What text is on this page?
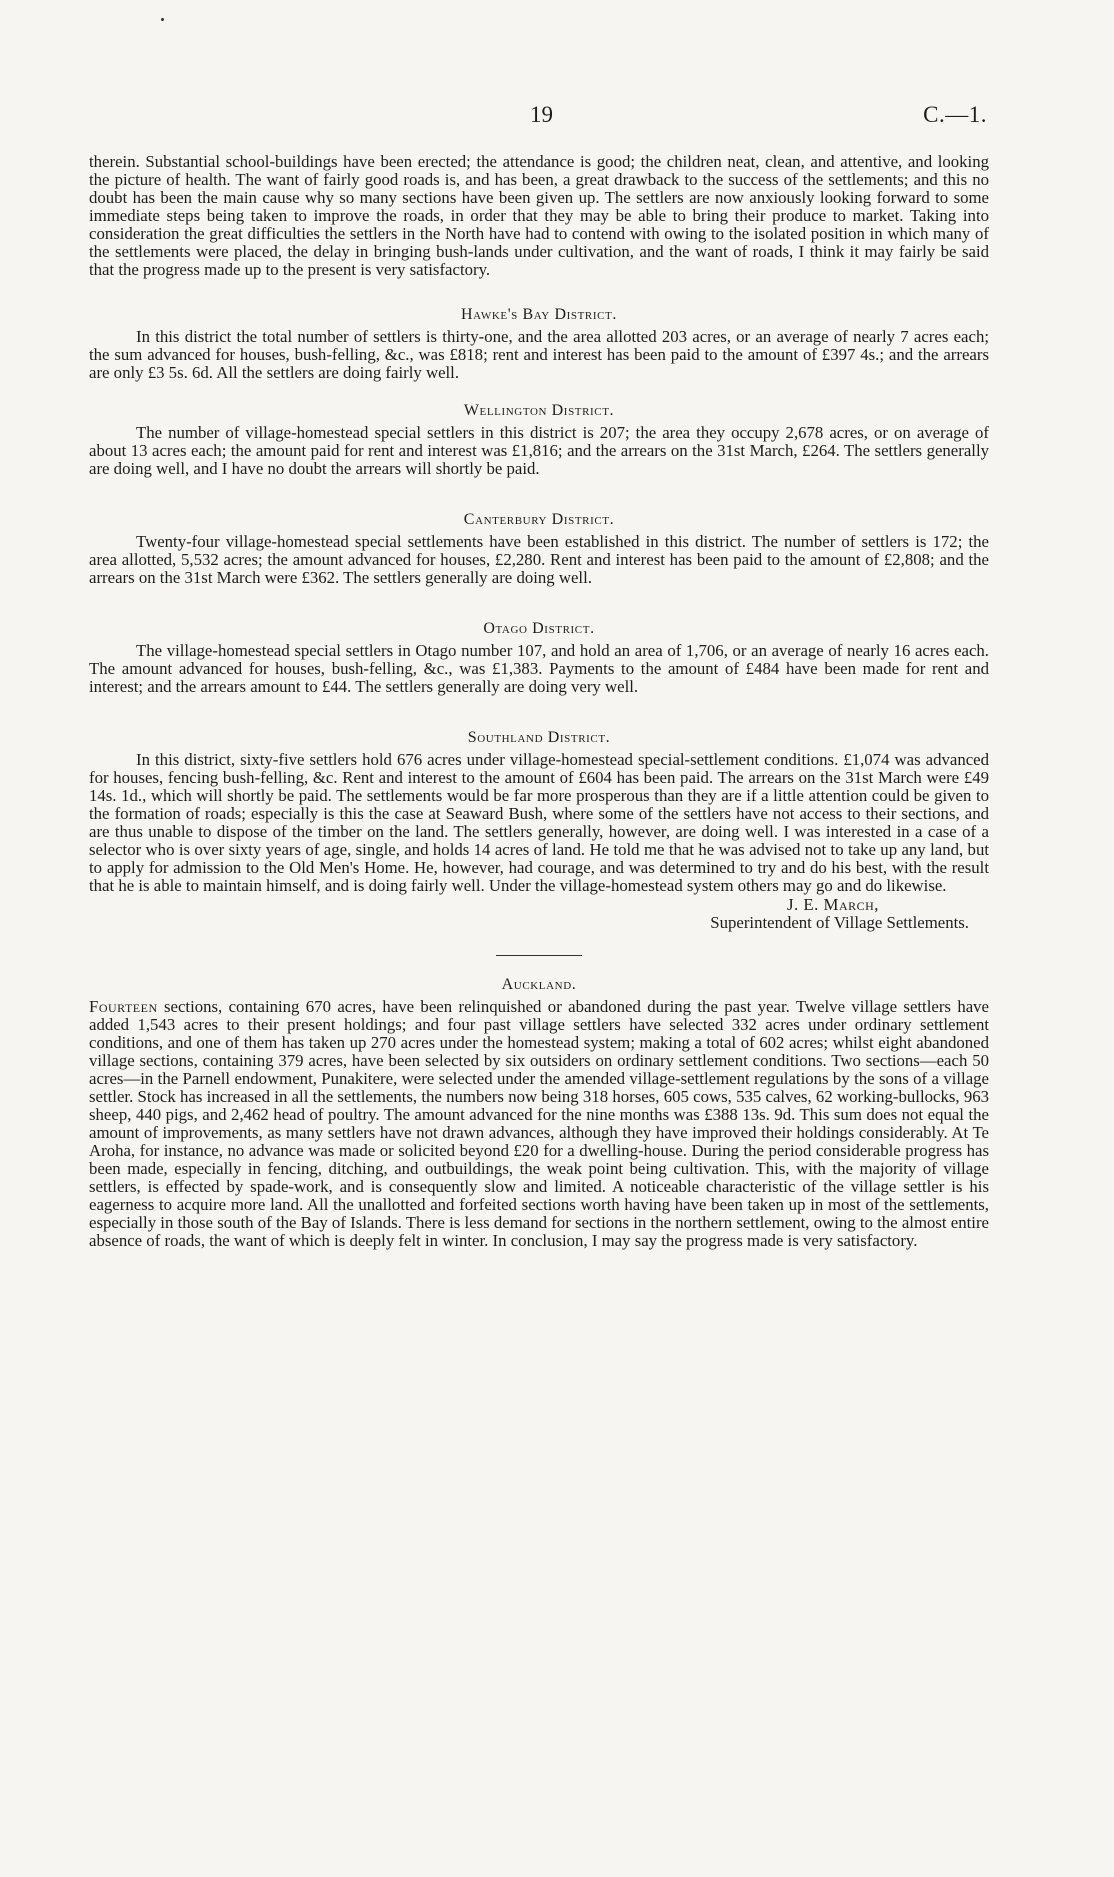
19	C.—1.

therein. Substantial school-buildings have been erected; the attendance is good; the children neat, clean, and attentive, and looking the picture of health. The want of fairly good roads is, and has been, a great drawback to the success of the settlements; and this no doubt has been the main cause why so many sections have been given up. The settlers are now anxiously looking forward to some immediate steps being taken to improve the roads, in order that they may be able to bring their produce to market. Taking into consideration the great difficulties the settlers in the North have had to contend with owing to the isolated position in which many of the settlements were placed, the delay in bringing bush-lands under cultivation, and the want of roads, I think it may fairly be said that the progress made up to the present is very satisfactory.

Hawke's Bay District.

In this district the total number of settlers is thirty-one, and the area allotted 203 acres, or an average of nearly 7 acres each; the sum advanced for houses, bush-felling, &c., was £818; rent and interest has been paid to the amount of £397 4s.; and the arrears are only £3 5s. 6d. All the settlers are doing fairly well.

Wellington District.

The number of village-homestead special settlers in this district is 207; the area they occupy 2,678 acres, or on average of about 13 acres each; the amount paid for rent and interest was £1,816; and the arrears on the 31st March, £264. The settlers generally are doing well, and I have no doubt the arrears will shortly be paid.

Canterbury District.

Twenty-four village-homestead special settlements have been established in this district. The number of settlers is 172; the area allotted, 5,532 acres; the amount advanced for houses, £2,280. Rent and interest has been paid to the amount of £2,808; and the arrears on the 31st March were £362. The settlers generally are doing well.

Otago District.

The village-homestead special settlers in Otago number 107, and hold an area of 1,706, or an average of nearly 16 acres each. The amount advanced for houses, bush-felling, &c., was £1,383. Payments to the amount of £484 have been made for rent and interest; and the arrears amount to £44. The settlers generally are doing very well.

Southland District.

In this district, sixty-five settlers hold 676 acres under village-homestead special-settlement conditions. £1,074 was advanced for houses, fencing bush-felling, &c. Rent and interest to the amount of £604 has been paid. The arrears on the 31st March were £49 14s. 1d., which will shortly be paid. The settlements would be far more prosperous than they are if a little attention could be given to the formation of roads; especially is this the case at Seaward Bush, where some of the settlers have not access to their sections, and are thus unable to dispose of the timber on the land. The settlers generally, however, are doing well. I was interested in a case of a selector who is over sixty years of age, single, and holds 14 acres of land. He told me that he was advised not to take up any land, but to apply for admission to the Old Men's Home. He, however, had courage, and was determined to try and do his best, with the result that he is able to maintain himself, and is doing fairly well. Under the village-homestead system others may go and do likewise.

J. E. March,
Superintendent of Village Settlements.

Auckland.

Fourteen sections, containing 670 acres, have been relinquished or abandoned during the past year. Twelve village settlers have added 1,543 acres to their present holdings; and four past village settlers have selected 332 acres under ordinary settlement conditions, and one of them has taken up 270 acres under the homestead system; making a total of 602 acres; whilst eight abandoned village sections, containing 379 acres, have been selected by six outsiders on ordinary settlement conditions. Two sections—each 50 acres—in the Parnell endowment, Punakitere, were selected under the amended village-settlement regulations by the sons of a village settler. Stock has increased in all the settlements, the numbers now being 318 horses, 605 cows, 535 calves, 62 working-bullocks, 963 sheep, 440 pigs, and 2,462 head of poultry. The amount advanced for the nine months was £388 13s. 9d. This sum does not equal the amount of improvements, as many settlers have not drawn advances, although they have improved their holdings considerably. At Te Aroha, for instance, no advance was made or solicited beyond £20 for a dwelling-house. During the period considerable progress has been made, especially in fencing, ditching, and outbuildings, the weak point being cultivation. This, with the majority of village settlers, is effected by spade-work, and is consequently slow and limited. A noticeable characteristic of the village settler is his eagerness to acquire more land. All the unallotted and forfeited sections worth having have been taken up in most of the settlements, especially in those south of the Bay of Islands. There is less demand for sections in the northern settlement, owing to the almost entire absence of roads, the want of which is deeply felt in winter. In conclusion, I may say the progress made is very satisfactory.
